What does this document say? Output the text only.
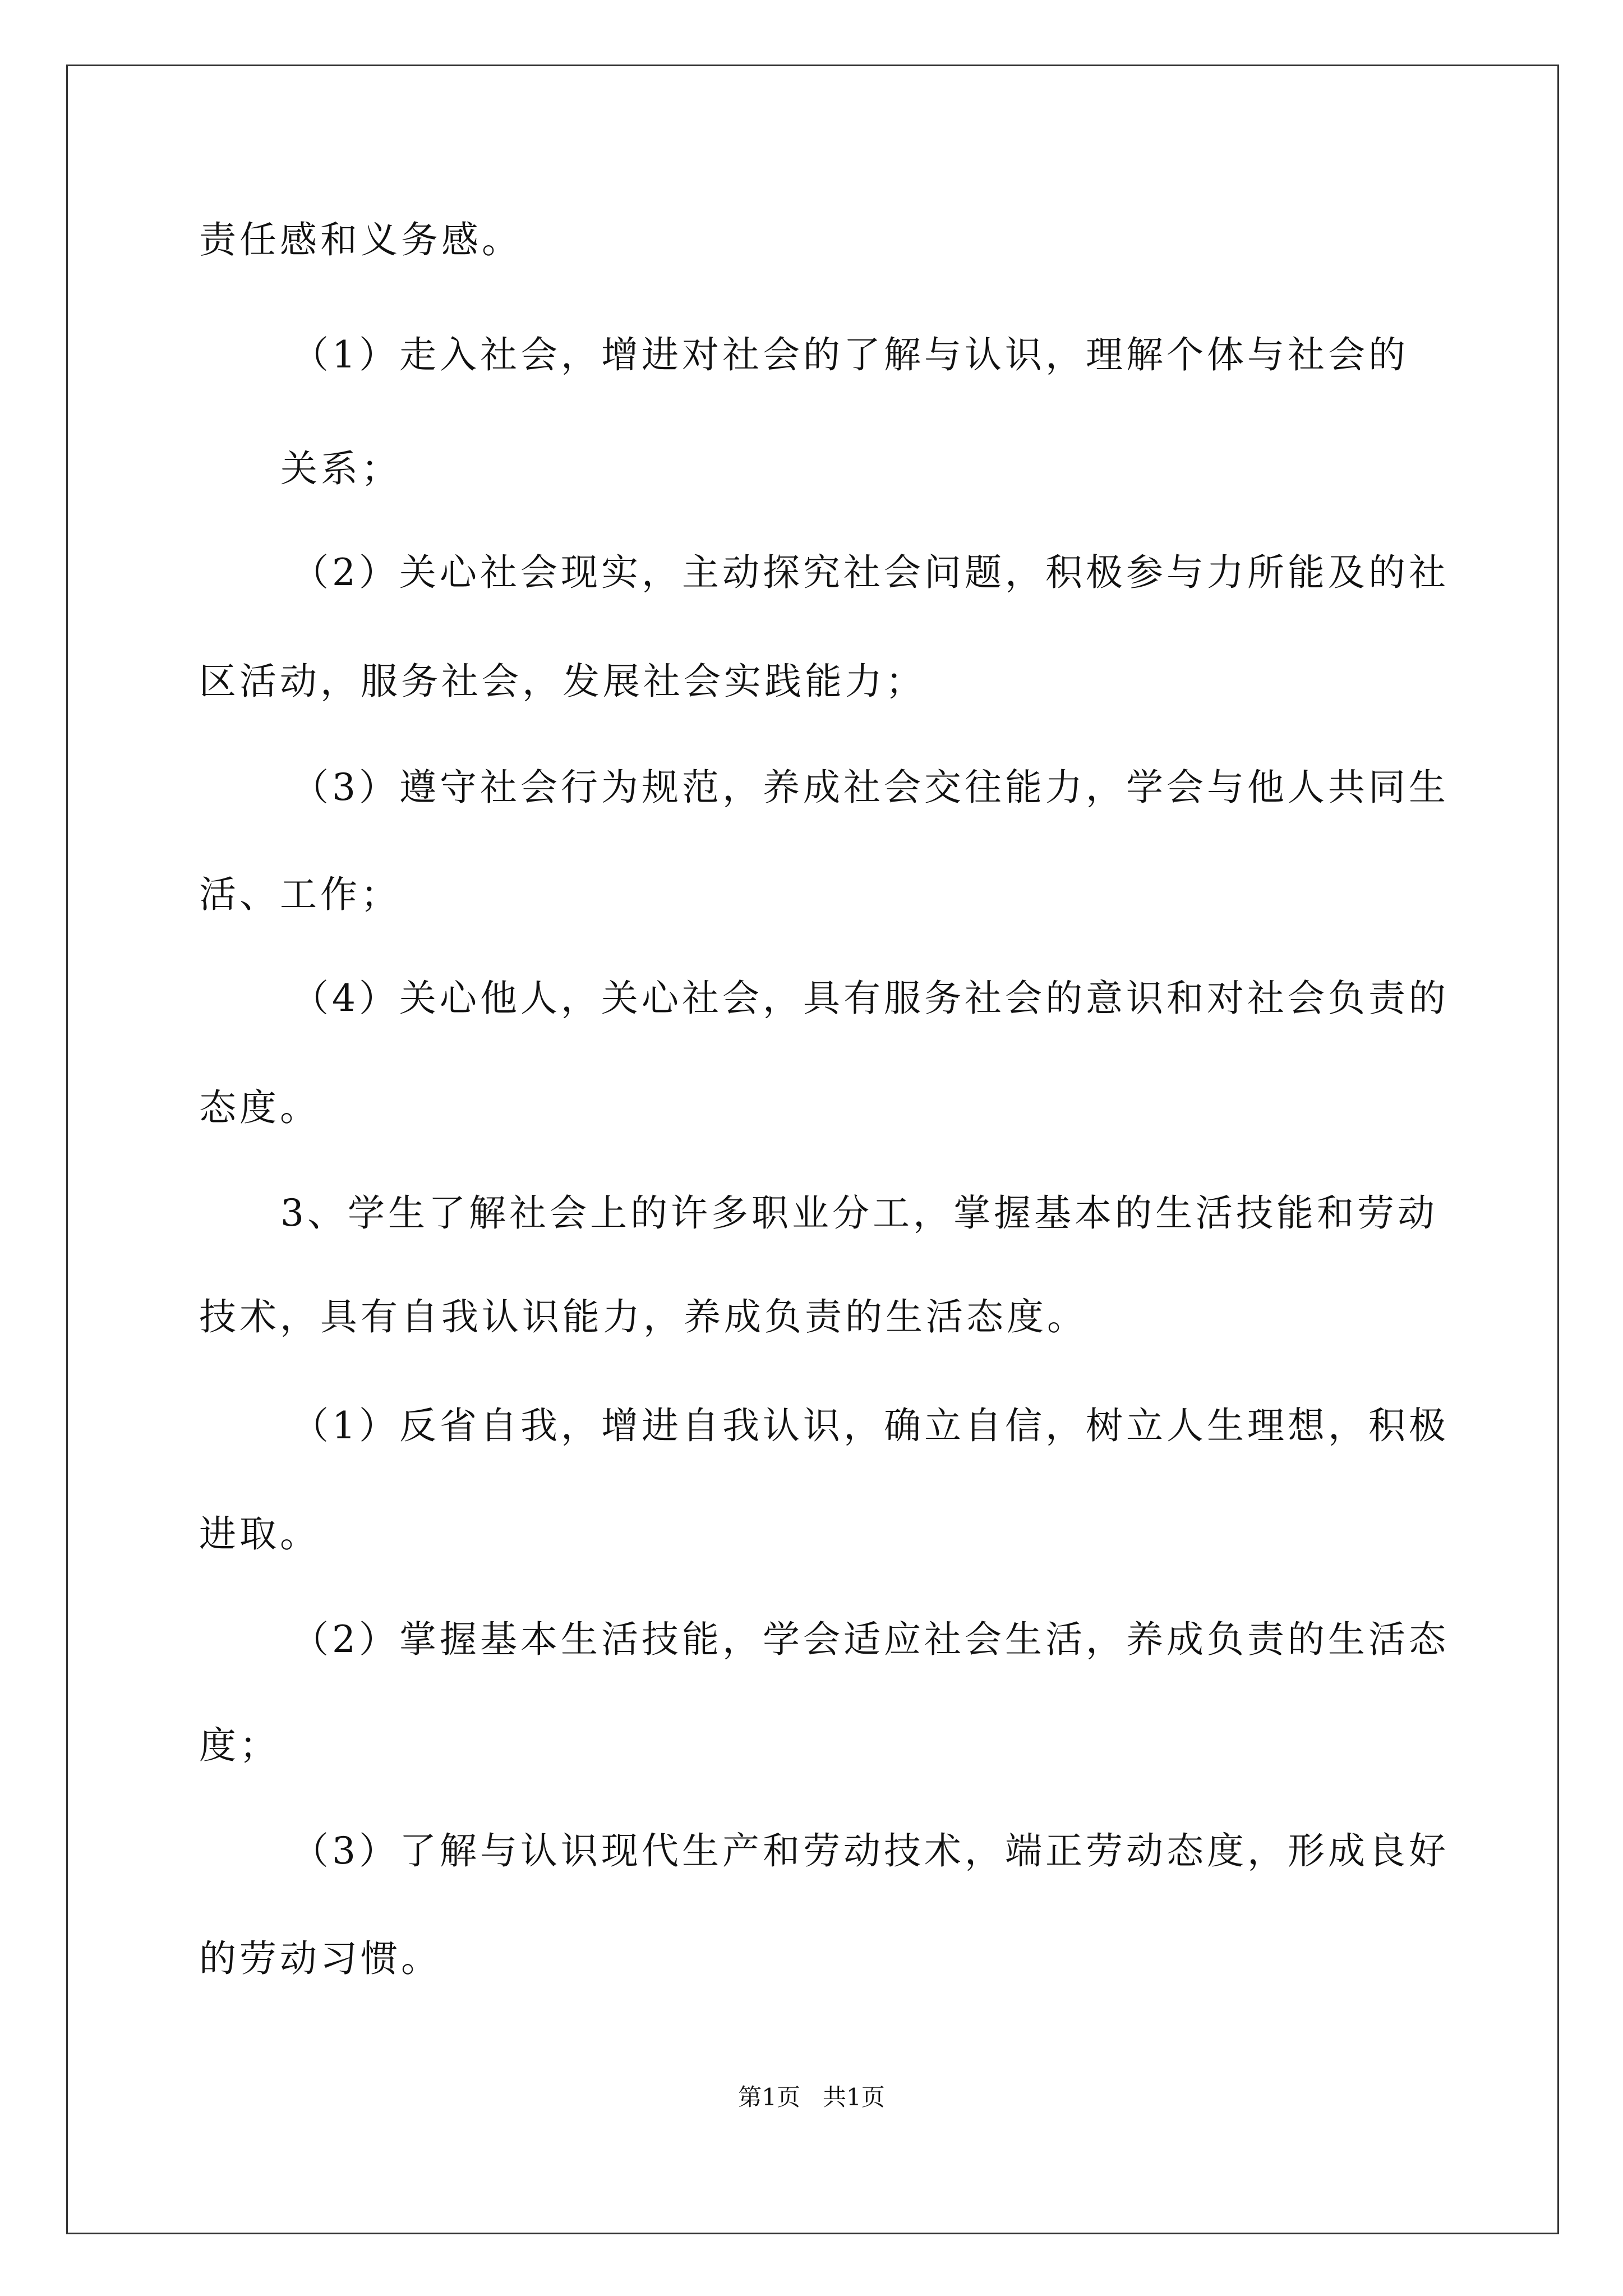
责任感和义务感。
（1）走入社会，增进对社会的了解与认识，理解个体与社会的
关系；
（2）关心社会现实，主动探究社会问题，积极参与力所能及的社
区活动，服务社会，发展社会实践能力；
（3）遵守社会行为规范，养成社会交往能力，学会与他人共同生
活、工作；
（4）关心他人，关心社会，具有服务社会的意识和对社会负责的
态度。
3、学生了解社会上的许多职业分工，掌握基本的生活技能和劳动
技术，具有自我认识能力，养成负责的生活态度。
（1）反省自我，增进自我认识，确立自信，树立人生理想，积极
进取。
（2）掌握基本生活技能，学会适应社会生活，养成负责的生活态
度；
（3）了解与认识现代生产和劳动技术，端正劳动态度，形成良好
的劳动习惯。
第1页   共1页
